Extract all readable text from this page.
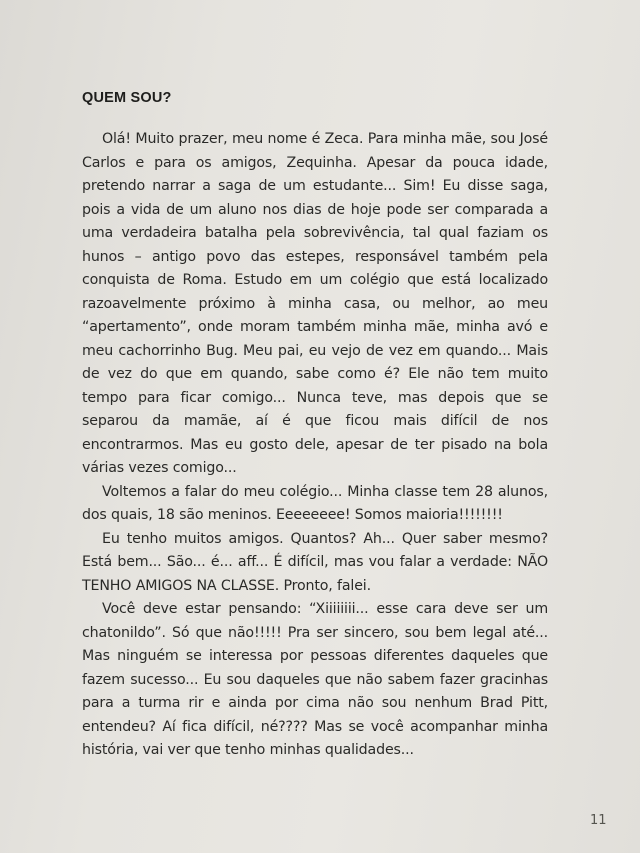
QUEM SOU?

Olá! Muito prazer, meu nome é Zeca. Para minha mãe, sou José Carlos e para os amigos, Zequinha. Apesar da pouca idade, pretendo narrar a saga de um estudante... Sim! Eu disse saga, pois a vida de um aluno nos dias de hoje pode ser comparada a uma verdadeira batalha pela sobrevivência, tal qual faziam os hunos – antigo povo das estepes, responsável também pela conquista de Roma. Estudo em um colégio que está localizado razoavelmente próximo à minha casa, ou melhor, ao meu “apertamento”, onde moram também minha mãe, minha avó e meu cachorrinho Bug. Meu pai, eu vejo de vez em quando... Mais de vez do que em quando, sabe como é? Ele não tem muito tempo para ficar comigo... Nunca teve, mas depois que se separou da mamãe, aí é que ficou mais difícil de nos encontrarmos. Mas eu gosto dele, apesar de ter pisado na bola várias vezes comigo...

Voltemos a falar do meu colégio... Minha classe tem 28 alunos, dos quais, 18 são meninos. Eeeeeeee! Somos maioria!!!!!!!!

Eu tenho muitos amigos. Quantos? Ah... Quer saber mesmo? Está bem... São... é... aff... É difícil, mas vou falar a verdade: NÃO TENHO AMIGOS NA CLASSE. Pronto, falei.

Você deve estar pensando: “Xiiiiiiii... esse cara deve ser um chatonildo”. Só que não!!!!! Pra ser sincero, sou bem legal até... Mas ninguém se interessa por pessoas diferentes daqueles que fazem sucesso... Eu sou daqueles que não sabem fazer gracinhas para a turma rir e ainda por cima não sou nenhum Brad Pitt, entendeu? Aí fica difícil, né???? Mas se você acompanhar minha história, vai ver que tenho minhas qualidades...

11
